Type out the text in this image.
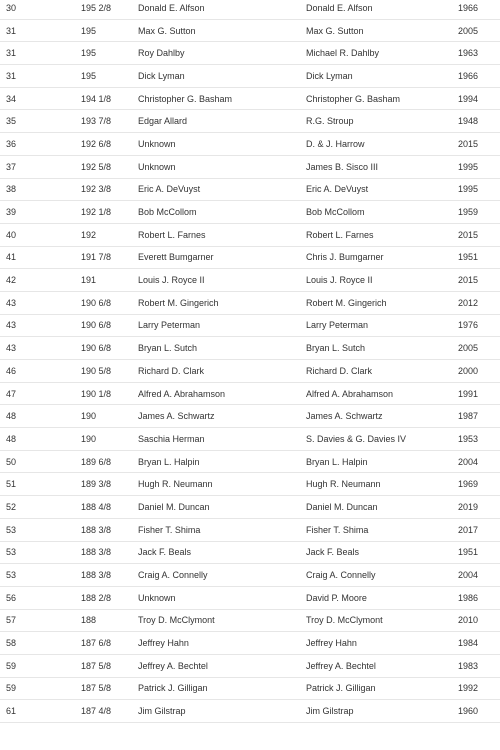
30	195 2/8	Donald E. Alfson	Donald E. Alfson	1966
31	195	Max G. Sutton	Max G. Sutton	2005
31	195	Roy Dahlby	Michael R. Dahlby	1963
31	195	Dick Lyman	Dick Lyman	1966
34	194 1/8	Christopher G. Basham	Christopher G. Basham	1994
35	193 7/8	Edgar Allard	R.G. Stroup	1948
36	192 6/8	Unknown	D. & J. Harrow	2015
37	192 5/8	Unknown	James B. Sisco III	1995
38	192 3/8	Eric A. DeVuyst	Eric A. DeVuyst	1995
39	192 1/8	Bob McCollom	Bob McCollom	1959
40	192	Robert L. Farnes	Robert L. Farnes	2015
41	191 7/8	Everett Bumgarner	Chris J. Bumgarner	1951
42	191	Louis J. Royce II	Louis J. Royce II	2015
43	190 6/8	Robert M. Gingerich	Robert M. Gingerich	2012
43	190 6/8	Larry Peterman	Larry Peterman	1976
43	190 6/8	Bryan L. Sutch	Bryan L. Sutch	2005
46	190 5/8	Richard D. Clark	Richard D. Clark	2000
47	190 1/8	Alfred A. Abrahamson	Alfred A. Abrahamson	1991
48	190	James A. Schwartz	James A. Schwartz	1987
48	190	Saschia Herman	S. Davies & G. Davies IV	1953
50	189 6/8	Bryan L. Halpin	Bryan L. Halpin	2004
51	189 3/8	Hugh R. Neumann	Hugh R. Neumann	1969
52	188 4/8	Daniel M. Duncan	Daniel M. Duncan	2019
53	188 3/8	Fisher T. Shima	Fisher T. Shima	2017
53	188 3/8	Jack F. Beals	Jack F. Beals	1951
53	188 3/8	Craig A. Connelly	Craig A. Connelly	2004
56	188 2/8	Unknown	David P. Moore	1986
57	188	Troy D. McClymont	Troy D. McClymont	2010
58	187 6/8	Jeffrey Hahn	Jeffrey Hahn	1984
59	187 5/8	Jeffrey A. Bechtel	Jeffrey A. Bechtel	1983
59	187 5/8	Patrick J. Gilligan	Patrick J. Gilligan	1992
61	187 4/8	Jim Gilstrap	Jim Gilstrap	1960
